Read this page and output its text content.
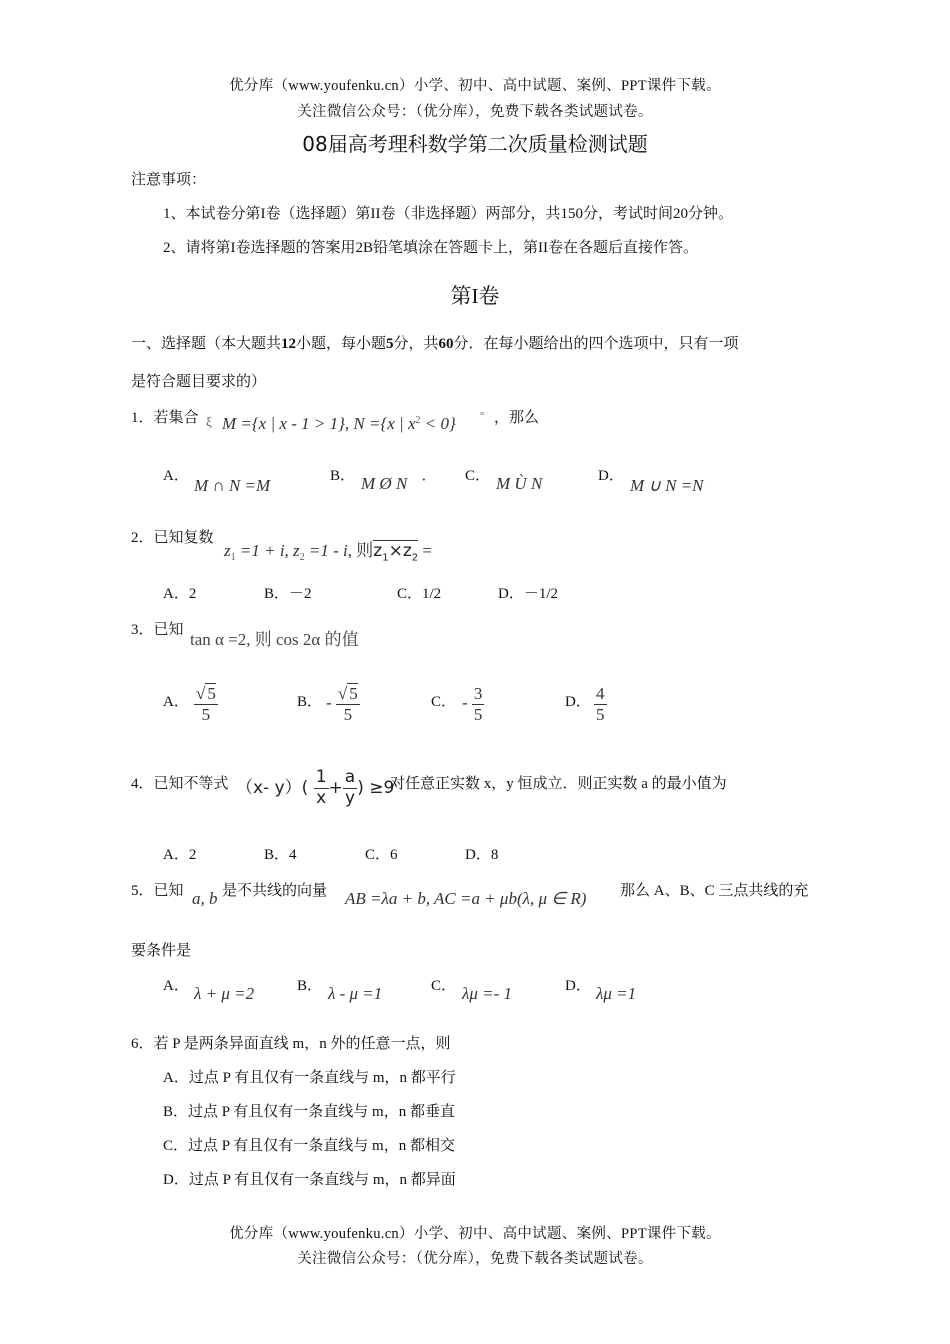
优分库（www.youfenku.cn）小学、初中、高中试题、案例、PPT课件下载。
关注微信公众号：（优分库），免费下载各类试题试卷。
08届高考理科数学第二次质量检测试题
注意事项：
1、本试卷分第I卷（选择题）第II卷（非选择题）两部分，共150分，考试时间20分钟。
2、请将第I卷选择题的答案用2B铅笔填涂在答题卡上，第II卷在各题后直接作答。
第I卷
一、选择题（本大题共12小题，每小题5分，共60分．在每小题给出的四个选项中，只有一项
是符合题目要求的）
1．若集合 ξ M ={x | x - 1 > 1}, N ={x | $x^2 < 0$} ° ，那么
A． M ∩ N =M	B． M Ø N ·	C． M Ù N	D． M ∪ N =N
2．已知复数
$z_1 =1 + i$, $z_2 =1 - i$, 则$z_1\times z_2$ =
A．2	B．－2	C．1/2	D．－1/2
3．已知 tan α =2, 则 cos 2α 的值
A． $\frac{√ 5}{5}$	B． - $\frac{√ 5}{5}$	C． - $\frac{3}{5}$	D． $\frac{4}{5}$
4．已知不等式 （x- $y)( \frac{1}{x} + \frac{a}{y}$ ) ≥9
对任意正实数 x，y 恒成立．则正实数 a 的最小值为
A．2	B．4	C．6	D．8
5．已知 a, b 是不共线的向量 AB =λa + b, AC =a + μb(λ, μ ∈ R) 那么 A、B、C 三点共线的充
要条件是
A． λ + μ =2	B． λ - μ =1	C． λμ =- 1	D． λμ =1
6．若 P 是两条异面直线 m，n 外的任意一点，则
A．过点 P 有且仅有一条直线与 m，n 都平行
B．过点 P 有且仅有一条直线与 m，n 都垂直
C．过点 P 有且仅有一条直线与 m，n 都相交
D．过点 P 有且仅有一条直线与 m，n 都异面
优分库（www.youfenku.cn）小学、初中、高中试题、案例、PPT课件下载。
关注微信公众号：（优分库），免费下载各类试题试卷。
